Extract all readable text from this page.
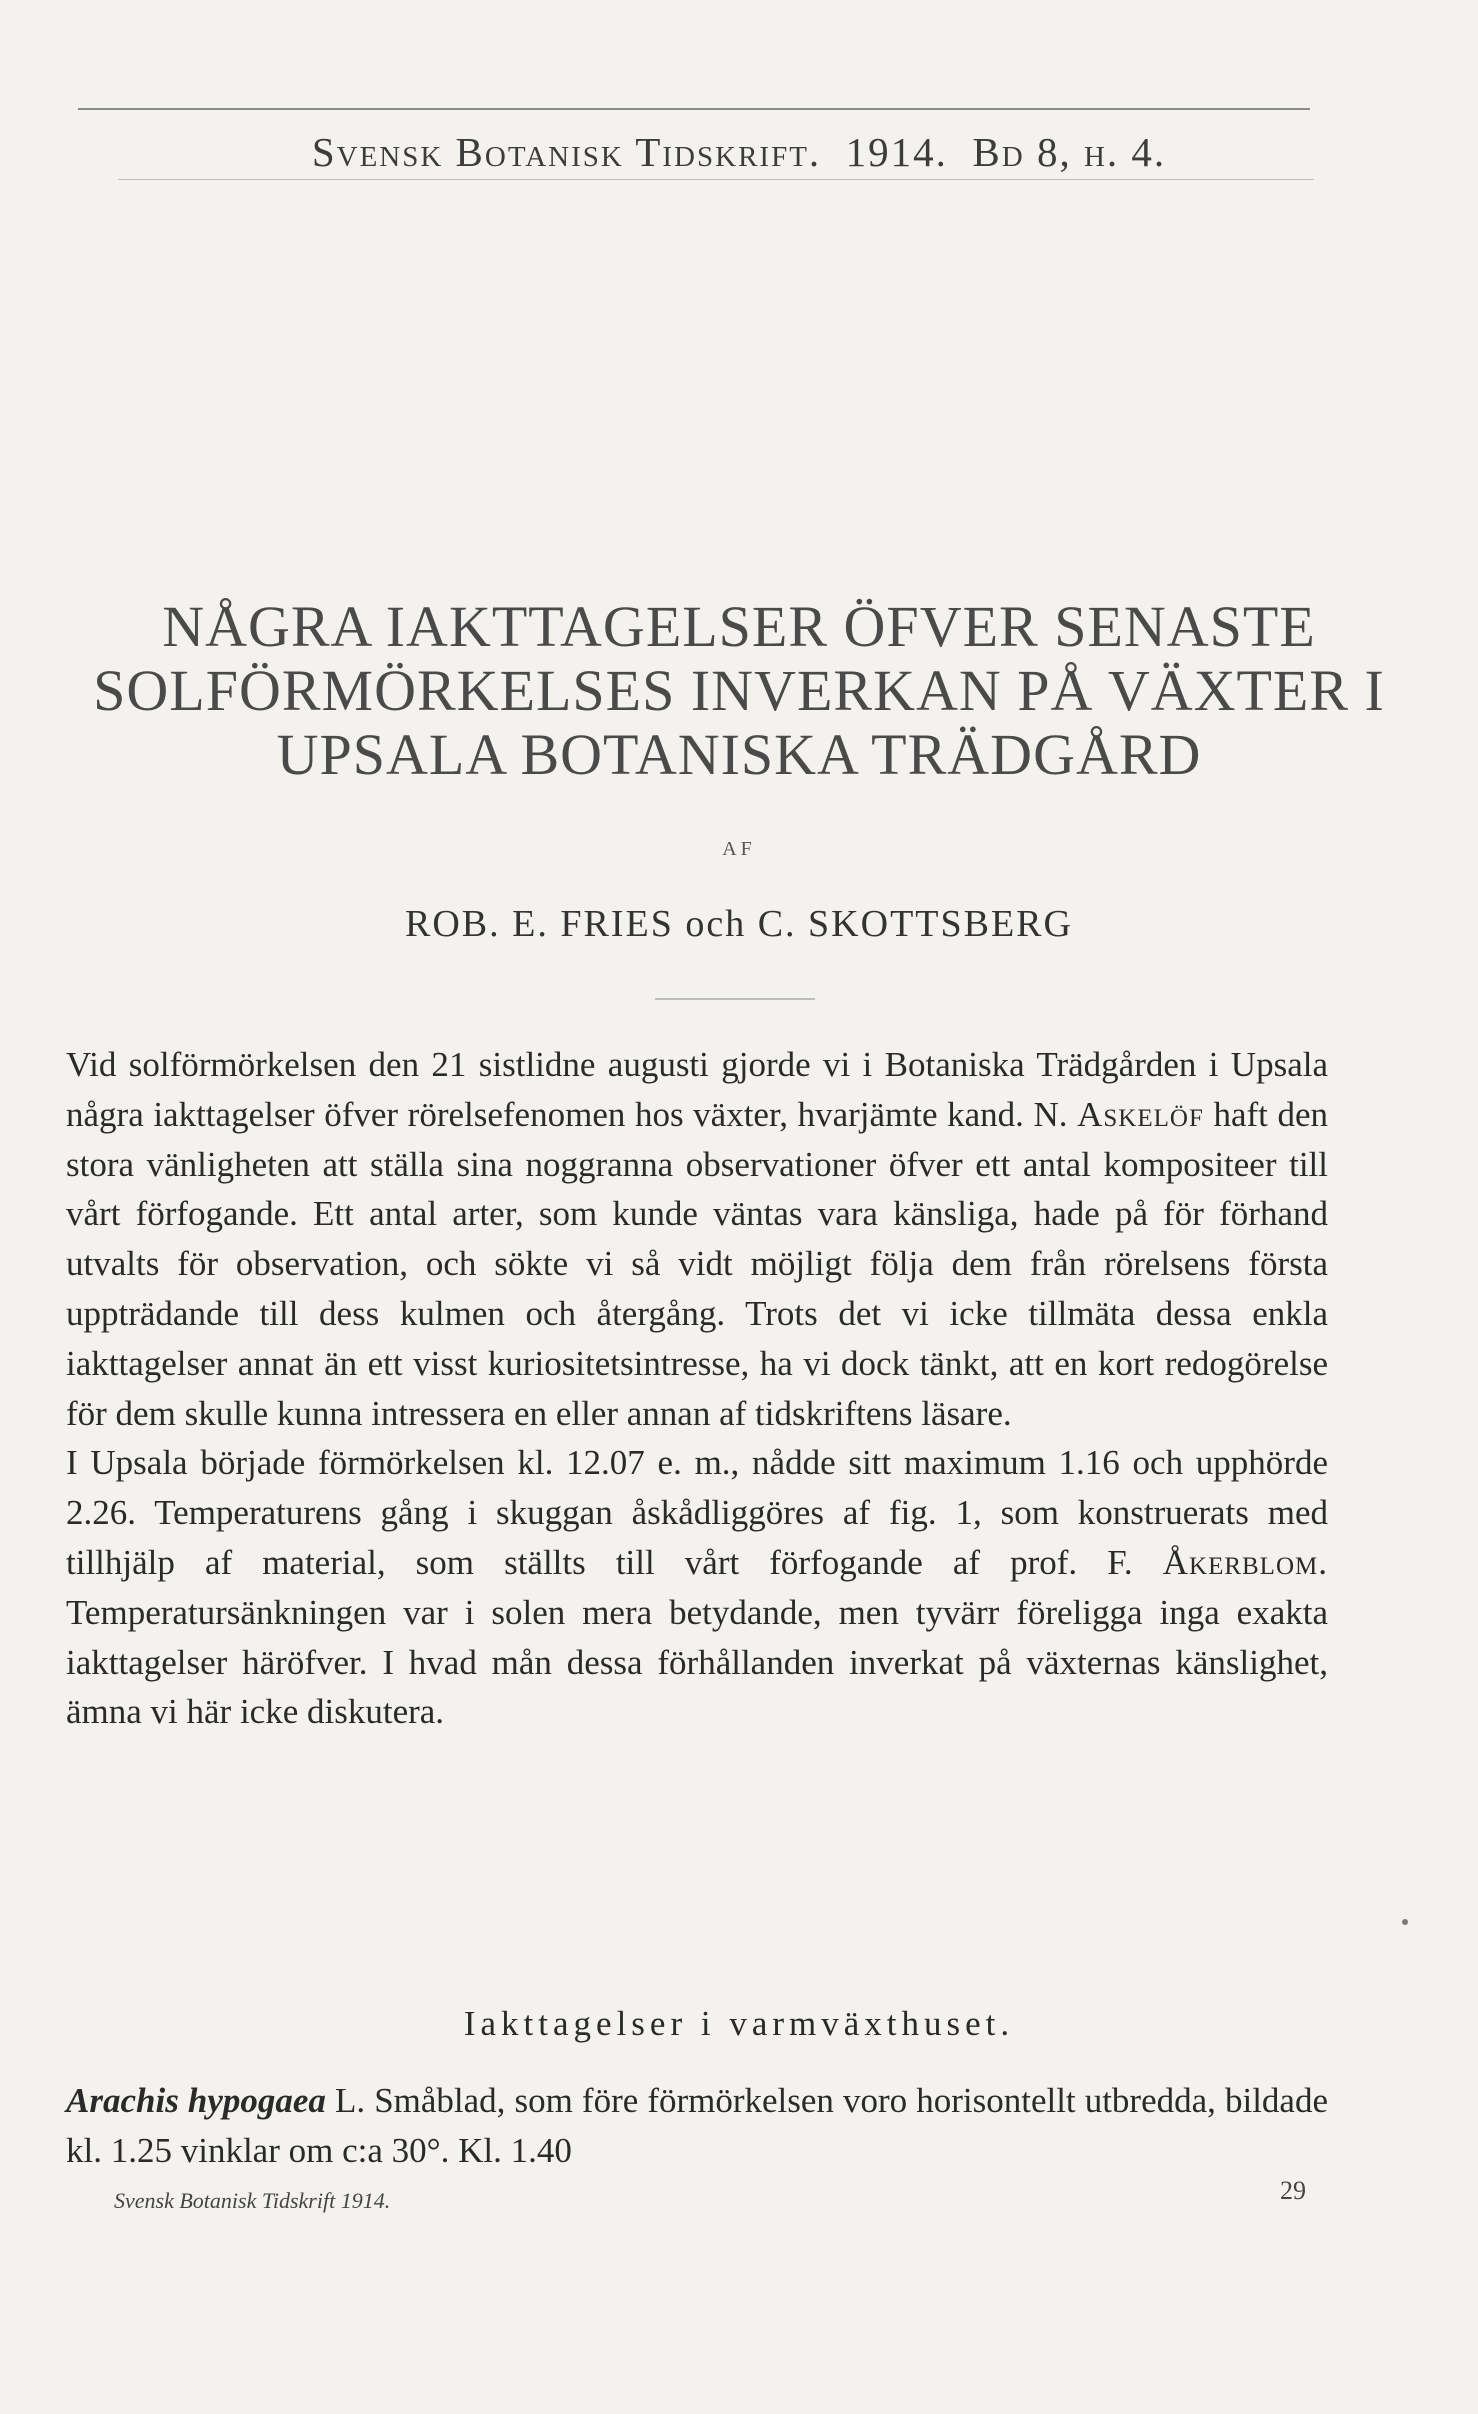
Svensk Botanisk Tidskrift. 1914. Bd 8, h. 4.
NÅGRA IAKTTAGELSER ÖFVER SENASTE
SOLFÖRMÖRKELSES INVERKAN PÅ VÄXTER I
UPSALA BOTANISKA TRÄDGÅRD
AF
ROB. E. FRIES och C. SKOTTSBERG

Vid solförmörkelsen den 21 sistlidne augusti gjorde vi i Botaniska Trädgården i Upsala några iakttagelser öfver rörelsefenomen hos växter, hvarjämte kand. N. Askelöf haft den stora vänligheten att ställa sina noggranna observationer öfver ett antal kompositeer till vårt förfogande. Ett antal arter, som kunde väntas vara känsliga, hade på för förhand utvalts för observation, och sökte vi så vidt möjligt följa dem från rörelsens första uppträdande till dess kulmen och återgång. Trots det vi icke tillmäta dessa enkla iakttagelser annat än ett visst kuriositetsintresse, ha vi dock tänkt, att en kort redogörelse för dem skulle kunna intressera en eller annan af tidskriftens läsare.

I Upsala började förmörkelsen kl. 12.07 e. m., nådde sitt maximum 1.16 och upphörde 2.26. Temperaturens gång i skuggan åskådliggöres af fig. 1, som konstruerats med tillhjälp af material, som ställts till vårt förfogande af prof. F. Åkerblom. Temperatursänkningen var i solen mera betydande, men tyvärr föreligga inga exakta iakttagelser häröfver. I hvad mån dessa förhållanden inverkat på växternas känslighet, ämna vi här icke diskutera.

Iakttagelser i varmväxthuset.
Arachis hypogaea L. Småblad, som före förmörkelsen voro horisontellt utbredda, bildade kl. 1.25 vinklar om c:a 30°. Kl. 1.40
Svensk Botanisk Tidskrift 1914.	29
